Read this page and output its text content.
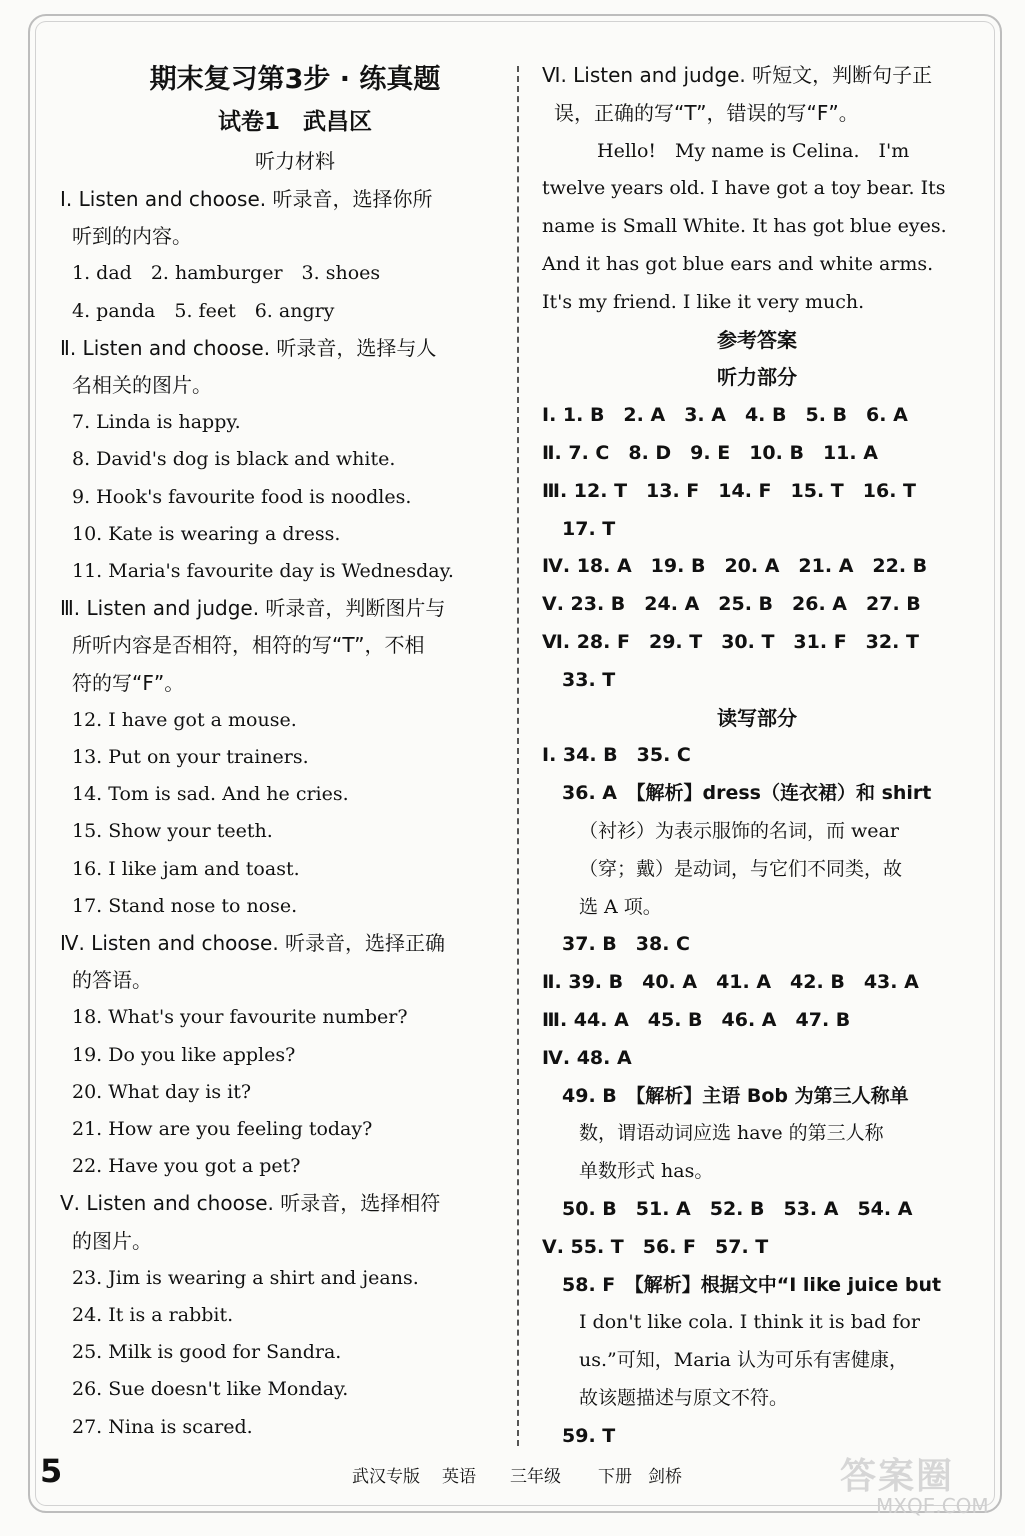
期末复习第3步 · 练真题
试卷1　武昌区
听力材料
Ⅰ. Listen and choose. 听录音，选择你所
听到的内容。
1. dad　2. hamburger　3. shoes
4. panda　5. feet　6. angry
Ⅱ. Listen and choose. 听录音，选择与人
名相关的图片。
7. Linda is happy.
8. David's dog is black and white.
9. Hook's favourite food is noodles.
10. Kate is wearing a dress.
11. Maria's favourite day is Wednesday.
Ⅲ. Listen and judge. 听录音，判断图片与
所听内容是否相符，相符的写“T”，不相
符的写“F”。
12. I have got a mouse.
13. Put on your trainers.
14. Tom is sad. And he cries.
15. Show your teeth.
16. I like jam and toast.
17. Stand nose to nose.
Ⅳ. Listen and choose. 听录音，选择正确
的答语。
18. What's your favourite number?
19. Do you like apples?
20. What day is it?
21. How are you feeling today?
22. Have you got a pet?
Ⅴ. Listen and choose. 听录音，选择相符
的图片。
23. Jim is wearing a shirt and jeans.
24. It is a rabbit.
25. Milk is good for Sandra.
26. Sue doesn't like Monday.
27. Nina is scared.
Ⅵ. Listen and judge. 听短文，判断句子正
误，正确的写“T”，错误的写“F”。
Hello!　My name is Celina.　I'm
twelve years old. I have got a toy bear. Its
name is Small White. It has got blue eyes.
And it has got blue ears and white arms.
It's my friend. I like it very much.
参考答案
听力部分
Ⅰ. 1. B　2. A　3. A　4. B　5. B　6. A
Ⅱ. 7. C　8. D　9. E　10. B　11. A
Ⅲ. 12. T　13. F　14. F　15. T　16. T
17. T
Ⅳ. 18. A　19. B　20. A　21. A　22. B
Ⅴ. 23. B　24. A　25. B　26. A　27. B
Ⅵ. 28. F　29. T　30. T　31. F　32. T
33. T
读写部分
Ⅰ. 34. B　35. C
36. A　【解析】dress（连衣裙）和 shirt
（衬衫）为表示服饰的名词，而 wear
（穿；戴）是动词，与它们不同类，故
选 A 项。
37. B　38. C
Ⅱ. 39. B　40. A　41. A　42. B　43. A
Ⅲ. 44. A　45. B　46. A　47. B
Ⅳ. 48. A
49. B　【解析】主语 Bob 为第三人称单
数，谓语动词应选 have 的第三人称
单数形式 has。
50. B　51. A　52. B　53. A　54. A
Ⅴ. 55. T　56. F　57. T
58. F　【解析】根据文中“I like juice but
I don't like cola. I think it is bad for
us.”可知，Maria 认为可乐有害健康，
故该题描述与原文不符。
59. T
5	武汉专版 英语 三年级 下册 剑桥	答案圈
MXQE.COM
